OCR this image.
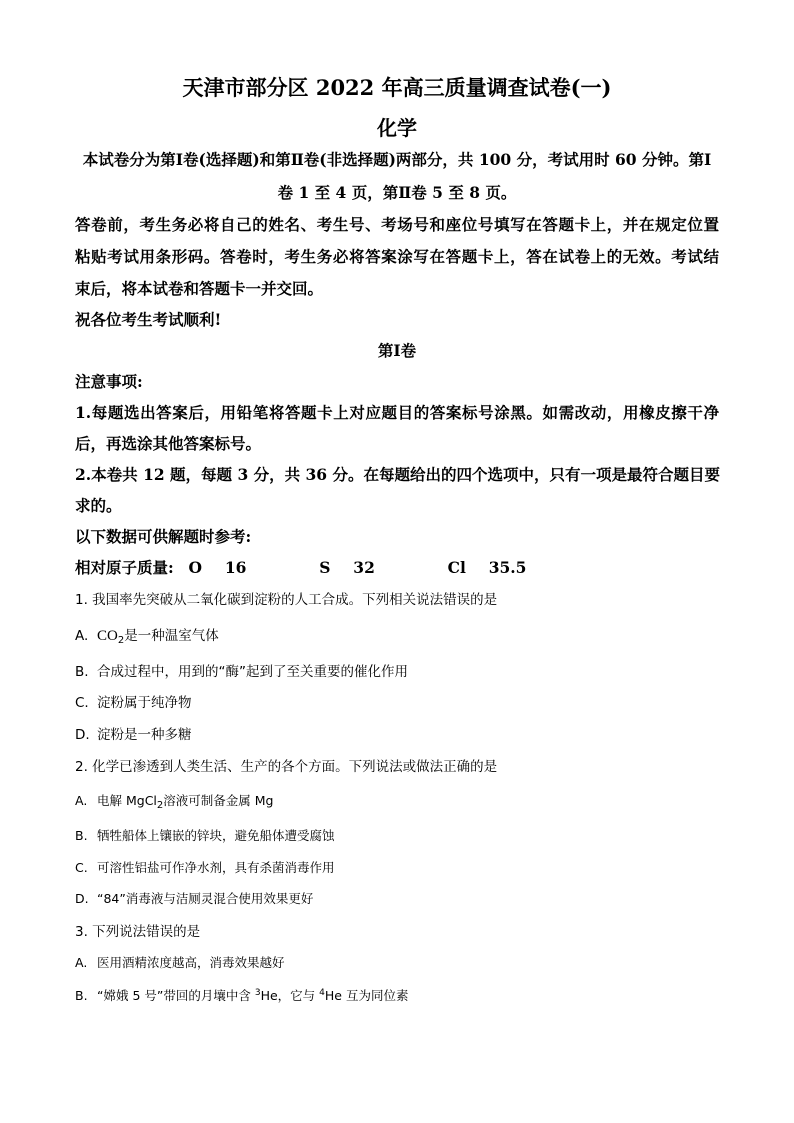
天津市部分区 2022 年高三质量调查试卷(一)
化学
本试卷分为第Ⅰ卷(选择题)和第Ⅱ卷(非选择题)两部分，共 100 分，考试用时 60 分钟。第Ⅰ
卷 1 至 4 页，第Ⅱ卷 5 至 8 页。
答卷前，考生务必将自己的姓名、考生号、考场号和座位号填写在答题卡上，并在规定位置
粘贴考试用条形码。答卷时，考生务必将答案涂写在答题卡上，答在试卷上的无效。考试结
束后，将本试卷和答题卡一并交回。
祝各位考生考试顺利!
第Ⅰ卷
注意事项:
1.每题选出答案后，用铅笔将答题卡上对应题目的答案标号涂黑。如需改动，用橡皮擦干净
后，再选涂其他答案标号。
2.本卷共 12 题，每题 3 分，共 36 分。在每题给出的四个选项中，只有一项是最符合题目要
求的。
以下数据可供解题时参考:
相对原子质量: O 16	S 32	Cl 35.5
1. 我国率先突破从二氧化碳到淀粉的人工合成。下列相关说法错误的是
A. $CO_2$是一种温室气体
B. 合成过程中，用到的“酶”起到了至关重要的催化作用
C. 淀粉属于纯净物
D. 淀粉是一种多糖
2. 化学已渗透到人类生活、生产的各个方面。下列说法或做法正确的是
A. 电解 MgCl$_2$溶液可制备金属 Mg
B. 牺牲船体上镶嵌的锌块，避免船体遭受腐蚀
C. 可溶性铝盐可作净水剂，具有杀菌消毒作用
D. “84”消毒液与洁厕灵混合使用效果更好
3. 下列说法错误的是
A. 医用酒精浓度越高，消毒效果越好
B. “嫦娥 5 号”带回的月壤中含 $^3$He，它与 $^4$He 互为同位素
